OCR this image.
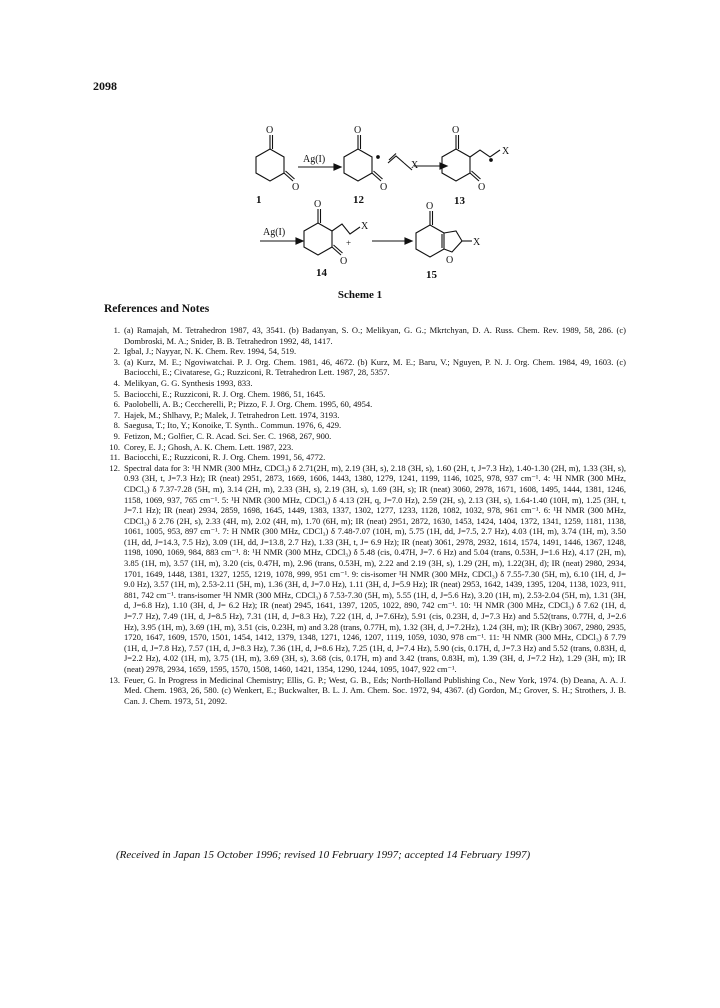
2098
O
O
1
Ag(I)
O
O
12
X
O
O
X
13
Ag(I)
O
O
X
+
14
O
O
X
15
Scheme 1
References and Notes
1. (a) Ramajah, M. Tetrahedron 1987, 43, 3541. (b) Badanyan, S. O.; Melikyan, G. G.; Mkrtchyan, D. A. Russ. Chem. Rev. 1989, 58, 286. (c) Dombroski, M. A.; Snider, B. B. Tetrahedron 1992, 48, 1417.
2. Igbal, J.; Nayyar, N. K. Chem. Rev. 1994, 54, 519.
3. (a) Kurz, M. E.; Ngoviwatchai. P. J. Org. Chem. 1981, 46, 4672. (b) Kurz, M. E.; Baru, V.; Nguyen, P. N. J. Org. Chem. 1984, 49, 1603. (c) Baciocchi, E.; Civatarese, G.; Ruzziconi, R. Tetrahedron Lett. 1987, 28, 5357.
4. Melikyan, G. G. Synthesis 1993, 833.
5. Baciocchi, E.; Ruzziconi, R. J. Org. Chem. 1986, 51, 1645.
6. Paolobelli, A. B.; Ceccherelli, P.; Pizzo, F. J. Org. Chem. 1995, 60, 4954.
7. Hajek, M.; Shlhavy, P.; Malek, J. Tetrahedron Lett. 1974, 3193.
8. Saegusa, T.; Ito, Y.; Konoike, T. Synth.. Commun. 1976, 6, 429.
9. Fetizon, M.; Golfier, C. R. Acad. Sci. Ser. C. 1968, 267, 900.
10. Corey, E. J.; Ghosh, A. K. Chem. Lett. 1987, 223.
11. Baciocchi, E.; Ruzziconi, R. J. Org. Chem. 1991, 56, 4772.
12. Spectral data for 3: ¹H NMR (300 MHz, CDCl₃) δ 2.71(2H, m), 2.19 (3H, s), 2.18 (3H, s), 1.60 (2H, t, J=7.3 Hz), 1.40-1.30 (2H, m), 1.33 (3H, s), 0.93 (3H, t, J=7.3 Hz); IR (neat) 2951, 2873, 1669, 1606, 1443, 1380, 1279, 1241, 1199, 1146, 1025, 978, 937 cm⁻¹. 4: ¹H NMR (300 MHz, CDCl₃) δ 7.37-7.28 (5H, m), 3.14 (2H, m), 2.33 (3H, s), 2.19 (3H, s), 1.69 (3H, s); IR (neat) 3060, 2978, 1671, 1608, 1495, 1444, 1381, 1246, 1158, 1069, 937, 765 cm⁻¹. 5: ¹H NMR (300 MHz, CDCl₃) δ 4.13 (2H, q, J=7.0 Hz), 2.59 (2H, s), 2.13 (3H, s), 1.64-1.40 (10H, m), 1.25 (3H, t, J=7.1 Hz); IR (neat) 2934, 2859, 1698, 1645, 1449, 1383, 1337, 1302, 1277, 1233, 1128, 1082, 1032, 978, 961 cm⁻¹. 6: ¹H NMR (300 MHz, CDCl₃) δ 2.76 (2H, s), 2.33 (4H, m), 2.02 (4H, m), 1.70 (6H, m); IR (neat) 2951, 2872, 1630, 1453, 1424, 1404, 1372, 1341, 1259, 1181, 1138, 1061, 1005, 953, 897 cm⁻¹. 7: H NMR (300 MHz, CDCl₃) δ 7.48-7.07 (10H, m), 5.75 (1H, dd, J=7.5, 2.7 Hz), 4.03 (1H, m), 3.74 (1H, m), 3.50 (1H, dd, J=14.3, 7.5 Hz), 3.09 (1H, dd, J=13.8, 2.7 Hz), 1.33 (3H, t, J= 6.9 Hz); IR (neat) 3061, 2978, 2932, 1614, 1574, 1491, 1446, 1367, 1248, 1198, 1090, 1069, 984, 883 cm⁻¹. 8: ¹H NMR (300 MHz, CDCl₃) δ 5.48 (cis, 0.47H, J=7. 6 Hz) and 5.04 (trans, 0.53H, J=1.6 Hz), 4.17 (2H, m), 3.85 (1H, m), 3.57 (1H, m), 3.20 (cis, 0.47H, m), 2.96 (trans, 0.53H, m), 2.22 and 2.19 (3H, s), 1.29 (2H, m), 1.22(3H, d); IR (neat) 2980, 2934, 1701, 1649, 1448, 1381, 1327, 1255, 1219, 1078, 999, 951 cm⁻¹. 9: cis-isomer ¹H NMR (300 MHz, CDCl₃) δ 7.55-7.30 (5H, m), 6.10 (1H, d, J= 9.0 Hz), 3.57 (1H, m), 2.53-2.11 (5H, m), 1.36 (3H, d, J=7.0 Hz), 1.11 (3H, d, J=5.9 Hz); IR (neat) 2953, 1642, 1439, 1395, 1204, 1138, 1023, 911, 881, 742 cm⁻¹. trans-isomer ¹H NMR (300 MHz, CDCl₃) δ 7.53-7.30 (5H, m), 5.55 (1H, d, J=5.6 Hz), 3.20 (1H, m), 2.53-2.04 (5H, m), 1.31 (3H, d, J=6.8 Hz), 1.10 (3H, d, J= 6.2 Hz); IR (neat) 2945, 1641, 1397, 1205, 1022, 890, 742 cm⁻¹. 10: ¹H NMR (300 MHz, CDCl₃) δ 7.62 (1H, d, J=7.7 Hz), 7.49 (1H, d, J=8.5 Hz), 7.31 (1H, d, J=8.3 Hz), 7.22 (1H, d, J=7.6Hz), 5.91 (cis, 0.23H, d, J=7.3 Hz) and 5.52(trans, 0.77H, d, J=2.6 Hz), 3.95 (1H, m), 3.69 (1H, m), 3.51 (cis, 0.23H, m) and 3.28 (trans, 0.77H, m), 1.32 (3H, d, J=7.2Hz), 1.24 (3H, m); IR (KBr) 3067, 2980, 2935, 1720, 1647, 1609, 1570, 1501, 1454, 1412, 1379, 1348, 1271, 1246, 1207, 1119, 1059, 1030, 978 cm⁻¹. 11: ¹H NMR (300 MHz, CDCl₃) δ 7.79 (1H, d, J=7.8 Hz), 7.57 (1H, d, J=8.3 Hz), 7.36 (1H, d, J=8.6 Hz), 7.25 (1H, d, J=7.4 Hz), 5.90 (cis, 0.17H, d, J=7.3 Hz) and 5.52 (trans, 0.83H, d, J=2.2 Hz), 4.02 (1H, m), 3.75 (1H, m), 3.69 (3H, s), 3.68 (cis, 0.17H, m) and 3.42 (trans, 0.83H, m), 1.39 (3H, d, J=7.2 Hz), 1.29 (3H, m); IR (neat) 2978, 2934, 1659, 1595, 1570, 1508, 1460, 1421, 1354, 1290, 1244, 1095, 1047, 922 cm⁻¹.
13. Feuer, G. In Progress in Medicinal Chemistry; Ellis, G. P.; West, G. B., Eds; North-Holland Publishing Co., New York, 1974. (b) Deana, A. A. J. Med. Chem. 1983, 26, 580. (c) Wenkert, E.; Buckwalter, B. L. J. Am. Chem. Soc. 1972, 94, 4367. (d) Gordon, M.; Grover, S. H.; Strothers, J. B. Can. J. Chem. 1973, 51, 2092.
(Received in Japan 15 October 1996; revised 10 February 1997; accepted 14 February 1997)
